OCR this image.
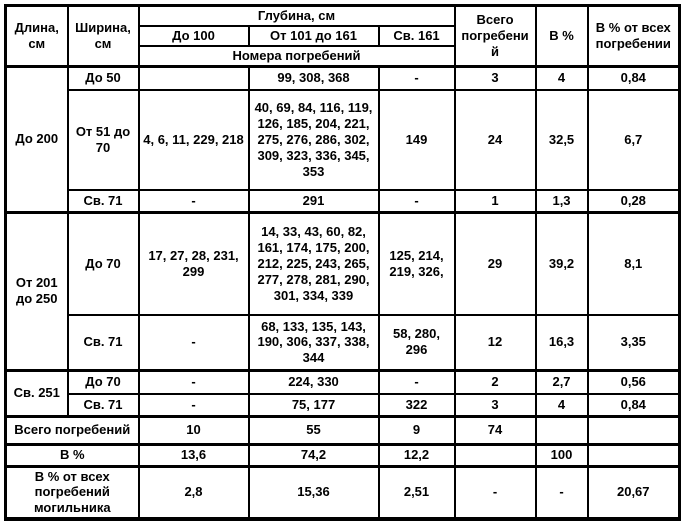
Длина, см	Ширина, см	Глубина, см			Всего погребений	В %	В % от всех погребении
		До 100	От 101 до 161	Св. 161			
		Номера погребений					
До 200	До 50		99, 308, 368	-	3	4	0,84
	От 51 до 70	4, 6, 11, 229, 218	40, 69, 84, 116, 119, 126, 185, 204, 221, 275, 276, 286, 302, 309, 323, 336, 345, 353	149	24	32,5	6,7
	Св. 71	-	291	-	1	1,3	0,28
От 201 до 250	До 70	17, 27, 28, 231, 299	14, 33, 43, 60, 82, 161, 174, 175, 200, 212, 225, 243, 265, 277, 278, 281, 290, 301, 334, 339	125, 214, 219, 326,	29	39,2	8,1
	Св. 71	-	68, 133, 135, 143, 190, 306, 337, 338, 344	58, 280, 296	12	16,3	3,35
Св. 251	До 70	-	224, 330	-	2	2,7	0,56
	Св. 71	-	75, 177	322	3	4	0,84
Всего погребений		10	55	9	74		
В %		13,6	74,2	12,2		100	
В % от всех погребений могильника		2,8	15,36	2,51	-	-	20,67
